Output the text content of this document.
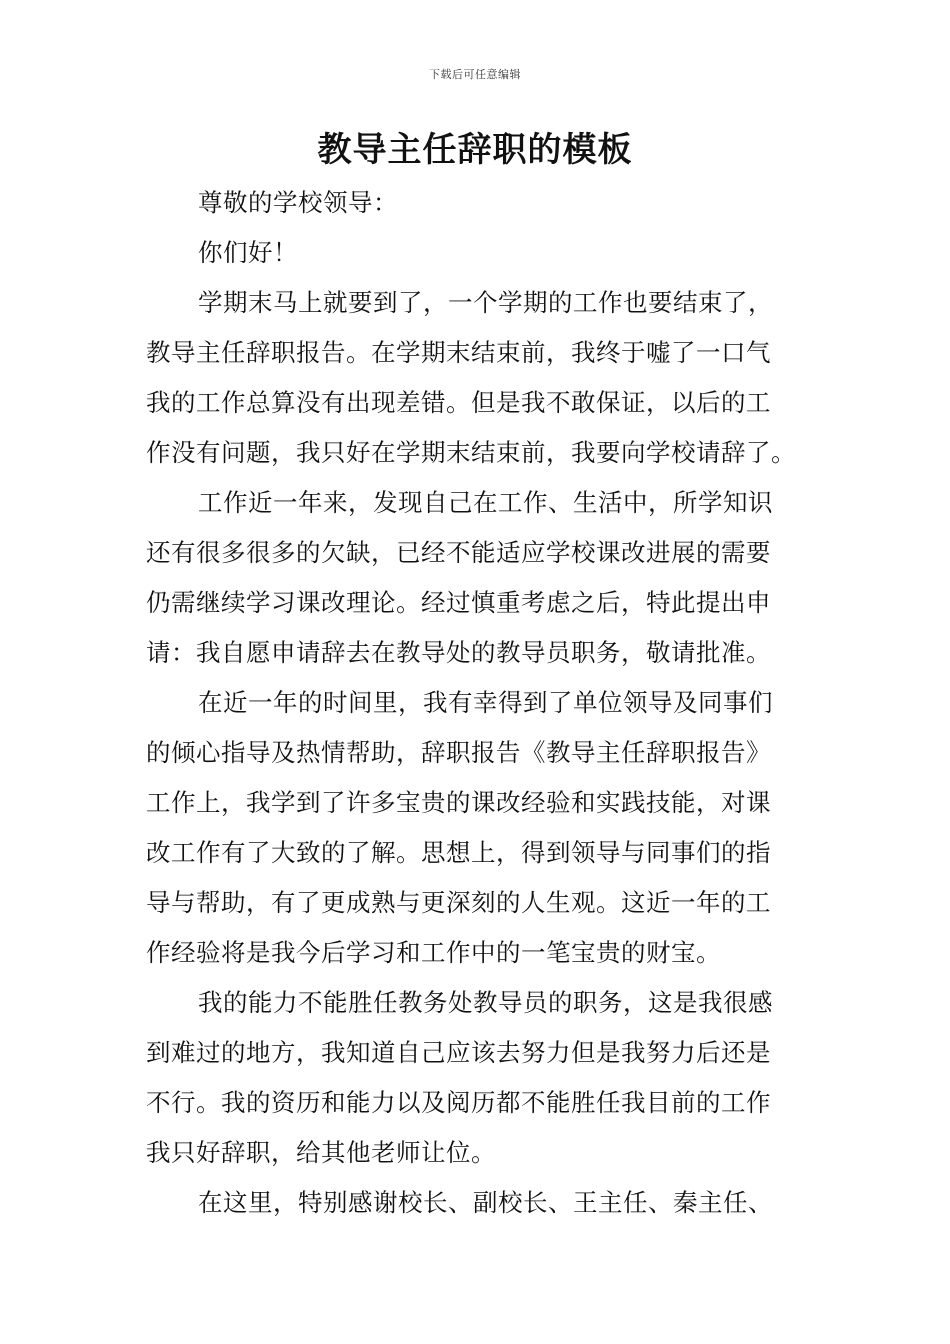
下载后可任意编辑
教导主任辞职的模板
尊敬的学校领导：
你们好！
学期末马上就要到了，一个学期的工作也要结束了，
教导主任辞职报告。在学期末结束前，我终于嘘了一口气
我的工作总算没有出现差错。但是我不敢保证，以后的工
作没有问题，我只好在学期末结束前，我要向学校请辞了。
工作近一年来，发现自己在工作、生活中，所学知识
还有很多很多的欠缺，已经不能适应学校课改进展的需要
仍需继续学习课改理论。经过慎重考虑之后，特此提出申
请：我自愿申请辞去在教导处的教导员职务，敬请批准。
在近一年的时间里，我有幸得到了单位领导及同事们
的倾心指导及热情帮助，辞职报告《教导主任辞职报告》
工作上，我学到了许多宝贵的课改经验和实践技能，对课
改工作有了大致的了解。思想上，得到领导与同事们的指
导与帮助，有了更成熟与更深刻的人生观。这近一年的工
作经验将是我今后学习和工作中的一笔宝贵的财宝。
我的能力不能胜任教务处教导员的职务，这是我很感
到难过的地方，我知道自己应该去努力但是我努力后还是
不行。我的资历和能力以及阅历都不能胜任我目前的工作
我只好辞职，给其他老师让位。
在这里，特别感谢校长、副校长、王主任、秦主任、
